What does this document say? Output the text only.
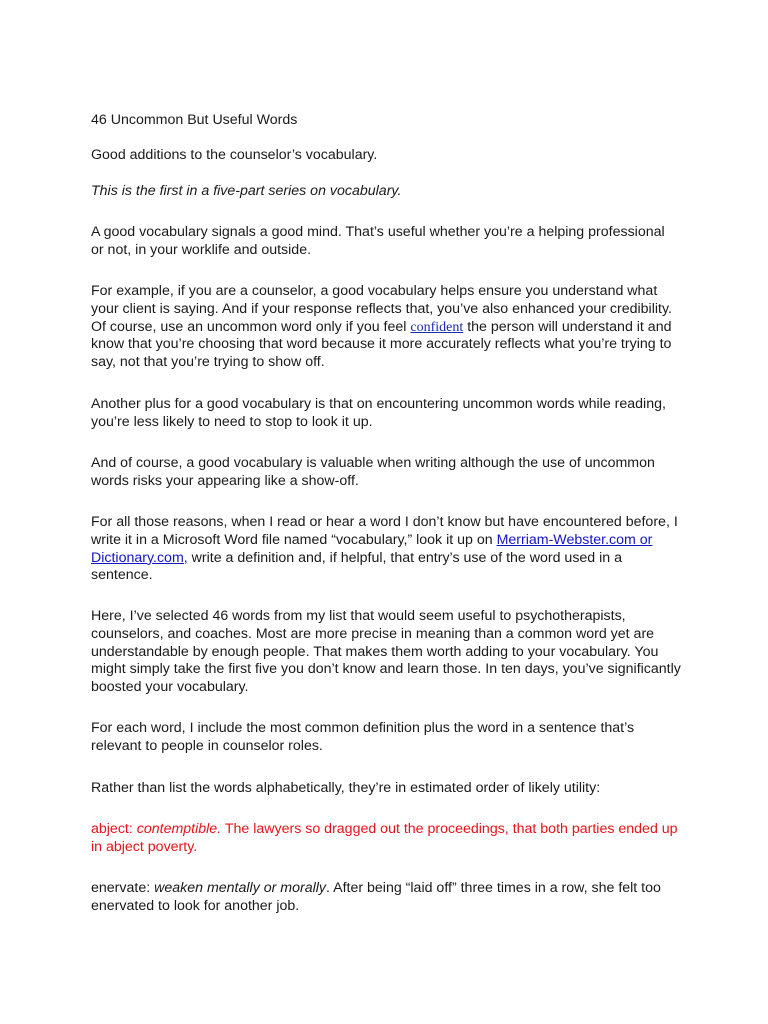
46 Uncommon But Useful Words

Good additions to the counselor’s vocabulary.

This is the first in a five-part series on vocabulary.

A good vocabulary signals a good mind. That’s useful whether you’re a helping professional or not, in your worklife and outside.

For example, if you are a counselor, a good vocabulary helps ensure you understand what your client is saying. And if your response reflects that, you’ve also enhanced your credibility. Of course, use an uncommon word only if you feel confident the person will understand it and know that you’re choosing that word because it more accurately reflects what you’re trying to say, not that you’re trying to show off.

Another plus for a good vocabulary is that on encountering uncommon words while reading, you’re less likely to need to stop to look it up.

And of course, a good vocabulary is valuable when writing although the use of uncommon words risks your appearing like a show-off.

For all those reasons, when I read or hear a word I don’t know but have encountered before, I write it in a Microsoft Word file named “vocabulary,” look it up on Merriam-Webster.com or Dictionary.com, write a definition and, if helpful, that entry’s use of the word used in a sentence.

Here, I’ve selected 46 words from my list that would seem useful to psychotherapists, counselors, and coaches. Most are more precise in meaning than a common word yet are understandable by enough people. That makes them worth adding to your vocabulary. You might simply take the first five you don’t know and learn those. In ten days, you’ve significantly boosted your vocabulary.

For each word, I include the most common definition plus the word in a sentence that’s relevant to people in counselor roles.

Rather than list the words alphabetically, they’re in estimated order of likely utility:

abject: contemptible. The lawyers so dragged out the proceedings, that both parties ended up in abject poverty.

enervate: weaken mentally or morally. After being “laid off” three times in a row, she felt too enervated to look for another job.
